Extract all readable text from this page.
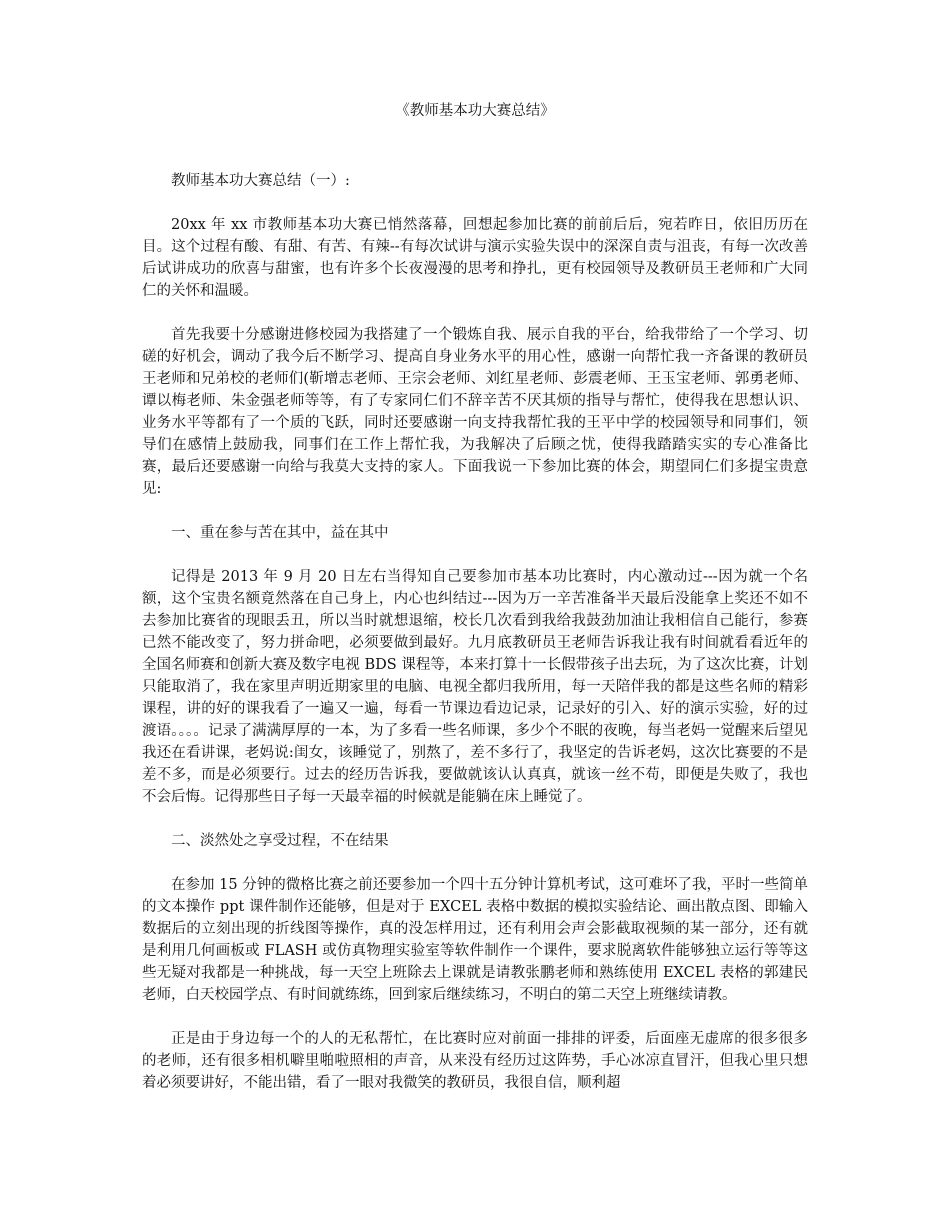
《教师基本功大赛总结》

教师基本功大赛总结（一）:

20xx 年 xx 市教师基本功大赛已悄然落幕，回想起参加比赛的前前后后，宛若昨日，依旧历历在目。这个过程有酸、有甜、有苦、有辣--有每次试讲与演示实验失误中的深深自责与沮丧，有每一次改善后试讲成功的欣喜与甜蜜，也有许多个长夜漫漫的思考和挣扎，更有校园领导及教研员王老师和广大同仁的关怀和温暖。

首先我要十分感谢进修校园为我搭建了一个锻炼自我、展示自我的平台，给我带给了一个学习、切磋的好机会，调动了我今后不断学习、提高自身业务水平的用心性，感谢一向帮忙我一齐备课的教研员王老师和兄弟校的老师们(靳增志老师、王宗会老师、刘红星老师、彭震老师、王玉宝老师、郭勇老师、谭以梅老师、朱金强老师等等，有了专家同仁们不辞辛苦不厌其烦的指导与帮忙，使得我在思想认识、业务水平等都有了一个质的飞跃，同时还要感谢一向支持我帮忙我的王平中学的校园领导和同事们，领导们在感情上鼓励我，同事们在工作上帮忙我，为我解决了后顾之忧，使得我踏踏实实的专心准备比赛，最后还要感谢一向给与我莫大支持的家人。下面我说一下参加比赛的体会，期望同仁们多提宝贵意见:

一、重在参与苦在其中，益在其中

记得是 2013 年 9 月 20 日左右当得知自己要参加市基本功比赛时，内心激动过---因为就一个名额，这个宝贵名额竟然落在自己身上，内心也纠结过---因为万一辛苦准备半天最后没能拿上奖还不如不去参加比赛省的现眼丢丑，所以当时就想退缩，校长几次看到我给我鼓劲加油让我相信自己能行，参赛已然不能改变了，努力拼命吧，必须要做到最好。九月底教研员王老师告诉我让我有时间就看看近年的全国名师赛和创新大赛及数字电视 BDS 课程等，本来打算十一长假带孩子出去玩，为了这次比赛，计划只能取消了，我在家里声明近期家里的电脑、电视全都归我所用，每一天陪伴我的都是这些名师的精彩课程，讲的好的课我看了一遍又一遍，每看一节课边看边记录，记录好的引入、好的演示实验，好的过渡语。。。。记录了满满厚厚的一本，为了多看一些名师课，多少个不眠的夜晚，每当老妈一觉醒来后望见我还在看讲课，老妈说:闺女，该睡觉了，别熬了，差不多行了，我坚定的告诉老妈，这次比赛要的不是差不多，而是必须要行。过去的经历告诉我，要做就该认认真真，就该一丝不苟，即便是失败了，我也不会后悔。记得那些日子每一天最幸福的时候就是能躺在床上睡觉了。

二、淡然处之享受过程，不在结果

在参加 15 分钟的微格比赛之前还要参加一个四十五分钟计算机考试，这可难坏了我，平时一些简单的文本操作 ppt 课件制作还能够，但是对于 EXCEL 表格中数据的模拟实验结论、画出散点图、即输入数据后的立刻出现的折线图等操作，真的没怎样用过，还有利用会声会影截取视频的某一部分，还有就是利用几何画板或 FLASH 或仿真物理实验室等软件制作一个课件，要求脱离软件能够独立运行等等这些无疑对我都是一种挑战，每一天空上班除去上课就是请教张鹏老师和熟练使用 EXCEL 表格的郭建民老师，白天校园学点、有时间就练练，回到家后继续练习，不明白的第二天空上班继续请教。

正是由于身边每一个的人的无私帮忙，在比赛时应对前面一排排的评委，后面座无虚席的很多很多的老师，还有很多相机噼里啪啦照相的声音，从来没有经历过这阵势，手心冰凉直冒汗，但我心里只想着必须要讲好，不能出错，看了一眼对我微笑的教研员，我很自信，顺利超
